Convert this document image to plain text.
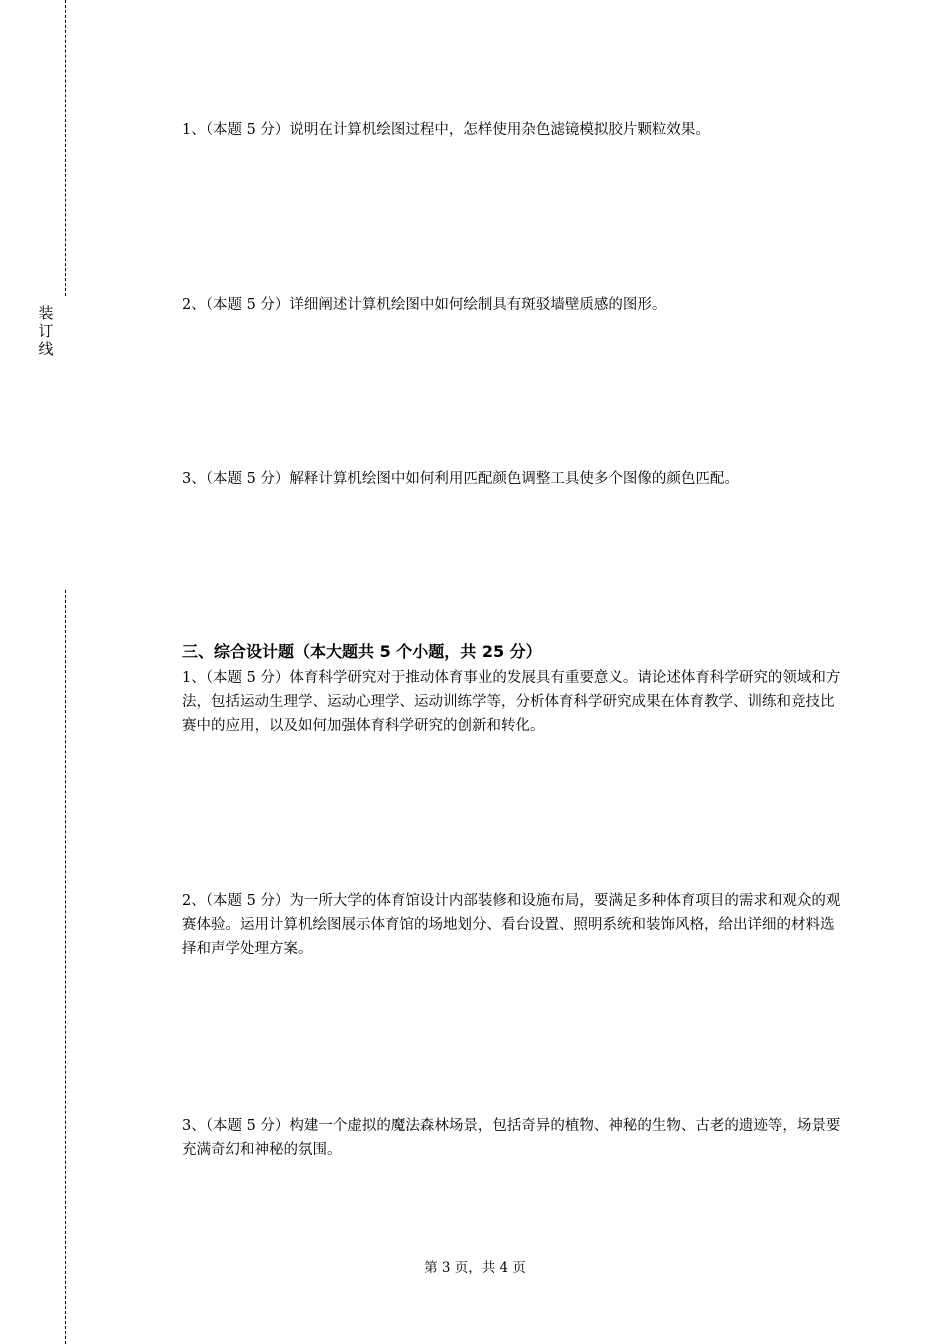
装
订
线

1、（本题 5 分）说明在计算机绘图过程中，怎样使用杂色滤镜模拟胶片颗粒效果。

2、（本题 5 分）详细阐述计算机绘图中如何绘制具有斑驳墙壁质感的图形。

3、（本题 5 分）解释计算机绘图中如何利用匹配颜色调整工具使多个图像的颜色匹配。

三、综合设计题（本大题共 5 个小题，共 25 分）

1、（本题 5 分）体育科学研究对于推动体育事业的发展具有重要意义。请论述体育科学研究的领域和方法，包括运动生理学、运动心理学、运动训练学等，分析体育科学研究成果在体育教学、训练和竞技比赛中的应用，以及如何加强体育科学研究的创新和转化。

2、（本题 5 分）为一所大学的体育馆设计内部装修和设施布局，要满足多种体育项目的需求和观众的观赛体验。运用计算机绘图展示体育馆的场地划分、看台设置、照明系统和装饰风格，给出详细的材料选择和声学处理方案。

3、（本题 5 分）构建一个虚拟的魔法森林场景，包括奇异的植物、神秘的生物、古老的遗迹等，场景要充满奇幻和神秘的氛围。

第 3 页，共 4 页
